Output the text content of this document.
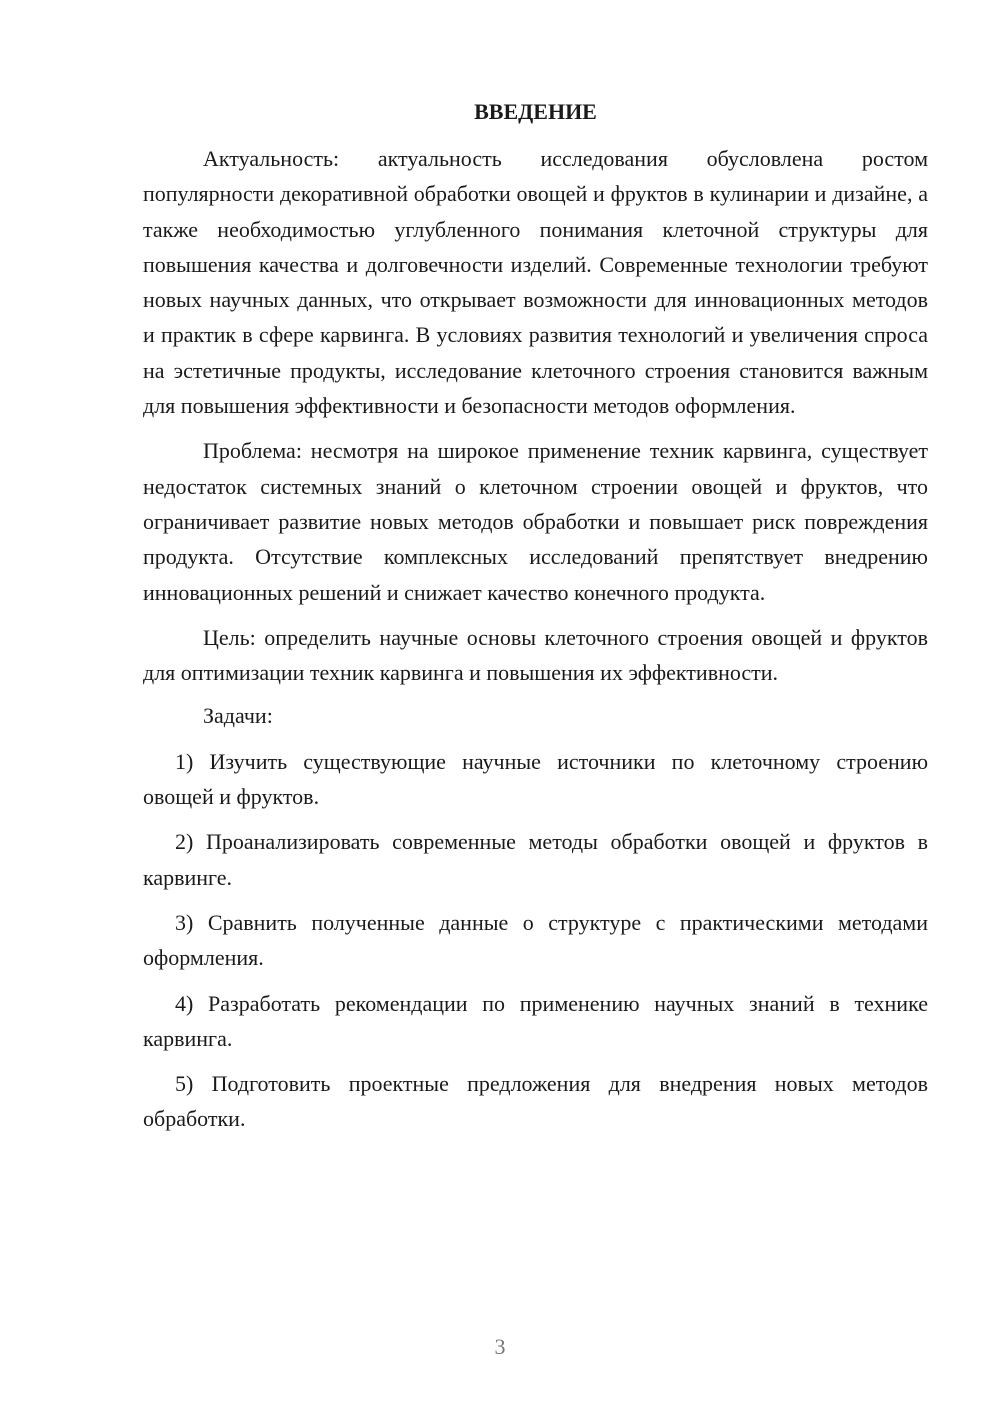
ВВЕДЕНИЕ

Актуальность: актуальность исследования обусловлена ростом популярности декоративной обработки овощей и фруктов в кулинарии и дизайне, а также необходимостью углубленного понимания клеточной структуры для повышения качества и долговечности изделий. Современные технологии требуют новых научных данных, что открывает возможности для инновационных методов и практик в сфере карвинга. В условиях развития технологий и увеличения спроса на эстетичные продукты, исследование клеточного строения становится важным для повышения эффективности и безопасности методов оформления.

Проблема: несмотря на широкое применение техник карвинга, существует недостаток системных знаний о клеточном строении овощей и фруктов, что ограничивает развитие новых методов обработки и повышает риск повреждения продукта. Отсутствие комплексных исследований препятствует внедрению инновационных решений и снижает качество конечного продукта.

Цель: определить научные основы клеточного строения овощей и фруктов для оптимизации техник карвинга и повышения их эффективности.

Задачи:

1) Изучить существующие научные источники по клеточному строению овощей и фруктов.

2) Проанализировать современные методы обработки овощей и фруктов в карвинге.

3) Сравнить полученные данные о структуре с практическими методами оформления.

4) Разработать рекомендации по применению научных знаний в технике карвинга.

5) Подготовить проектные предложения для внедрения новых методов обработки.

3
